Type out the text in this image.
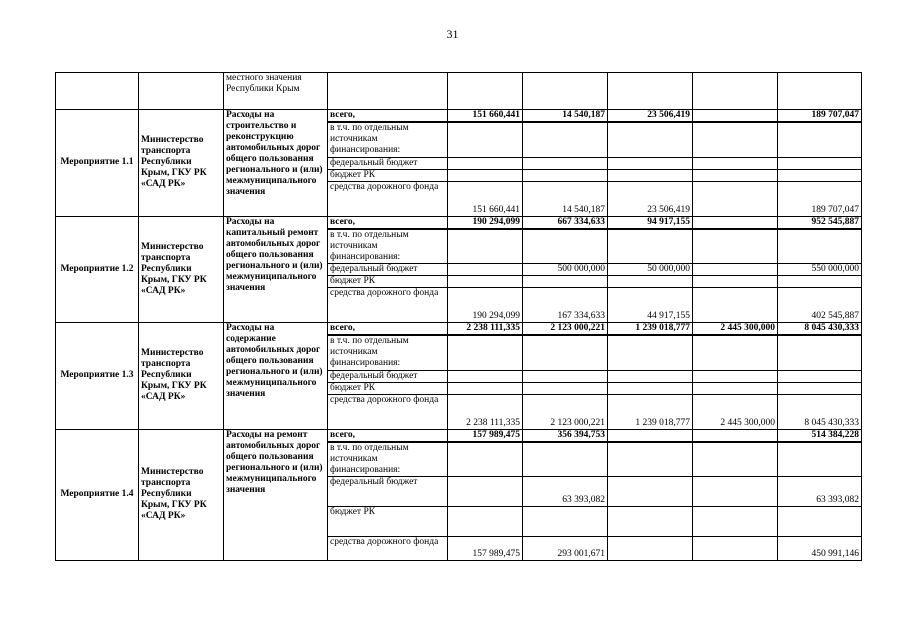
31
		местного значения Республики Крым						
Мероприятие 1.1	Министерство транспорта Республики Крым, ГКУ РК «САД РК»	Расходы на строительство и реконструкцию автомобильных дорог общего пользования регионального и (или) межмуниципального значения	всего,	151 660,441	14 540,187	23 506,419		189 707,047
			в т.ч. по отдельным источникам финансирования:					
			федеральный бюджет					
			бюджет РК					
			средства дорожного фонда	151 660,441	14 540,187	23 506,419		189 707,047
Мероприятие 1.2	Министерство транспорта Республики Крым, ГКУ РК «САД РК»	Расходы на капитальный ремонт автомобильных дорог общего пользования регионального и (или) межмуниципального значения	всего,	190 294,099	667 334,633	94 917,155		952 545,887
			в т.ч. по отдельным источникам финансирования:					
			федеральный бюджет		500 000,000	50 000,000		550 000,000
			бюджет РК					
			средства дорожного фонда	190 294,099	167 334,633	44 917,155		402 545,887
Мероприятие 1.3	Министерство транспорта Республики Крым, ГКУ РК «САД РК»	Расходы на содержание автомобильных дорог общего пользования регионального и (или) межмуниципального значения	всего,	2 238 111,335	2 123 000,221	1 239 018,777	2 445 300,000	8 045 430,333
			в т.ч. по отдельным источникам финансирования:					
			федеральный бюджет					
			бюджет РК					
			средства дорожного фонда	2 238 111,335	2 123 000,221	1 239 018,777	2 445 300,000	8 045 430,333
Мероприятие 1.4	Министерство транспорта Республики Крым, ГКУ РК «САД РК»	Расходы на ремонт автомобильных дорог общего пользования регионального и (или) межмуниципального значения	всего,	157 989,475	356 394,753			514 384,228
			в т.ч. по отдельным источникам финансирования:					
			федеральный бюджет		63 393,082			63 393,082
			бюджет РК					
			средства дорожного фонда	157 989,475	293 001,671			450 991,146
